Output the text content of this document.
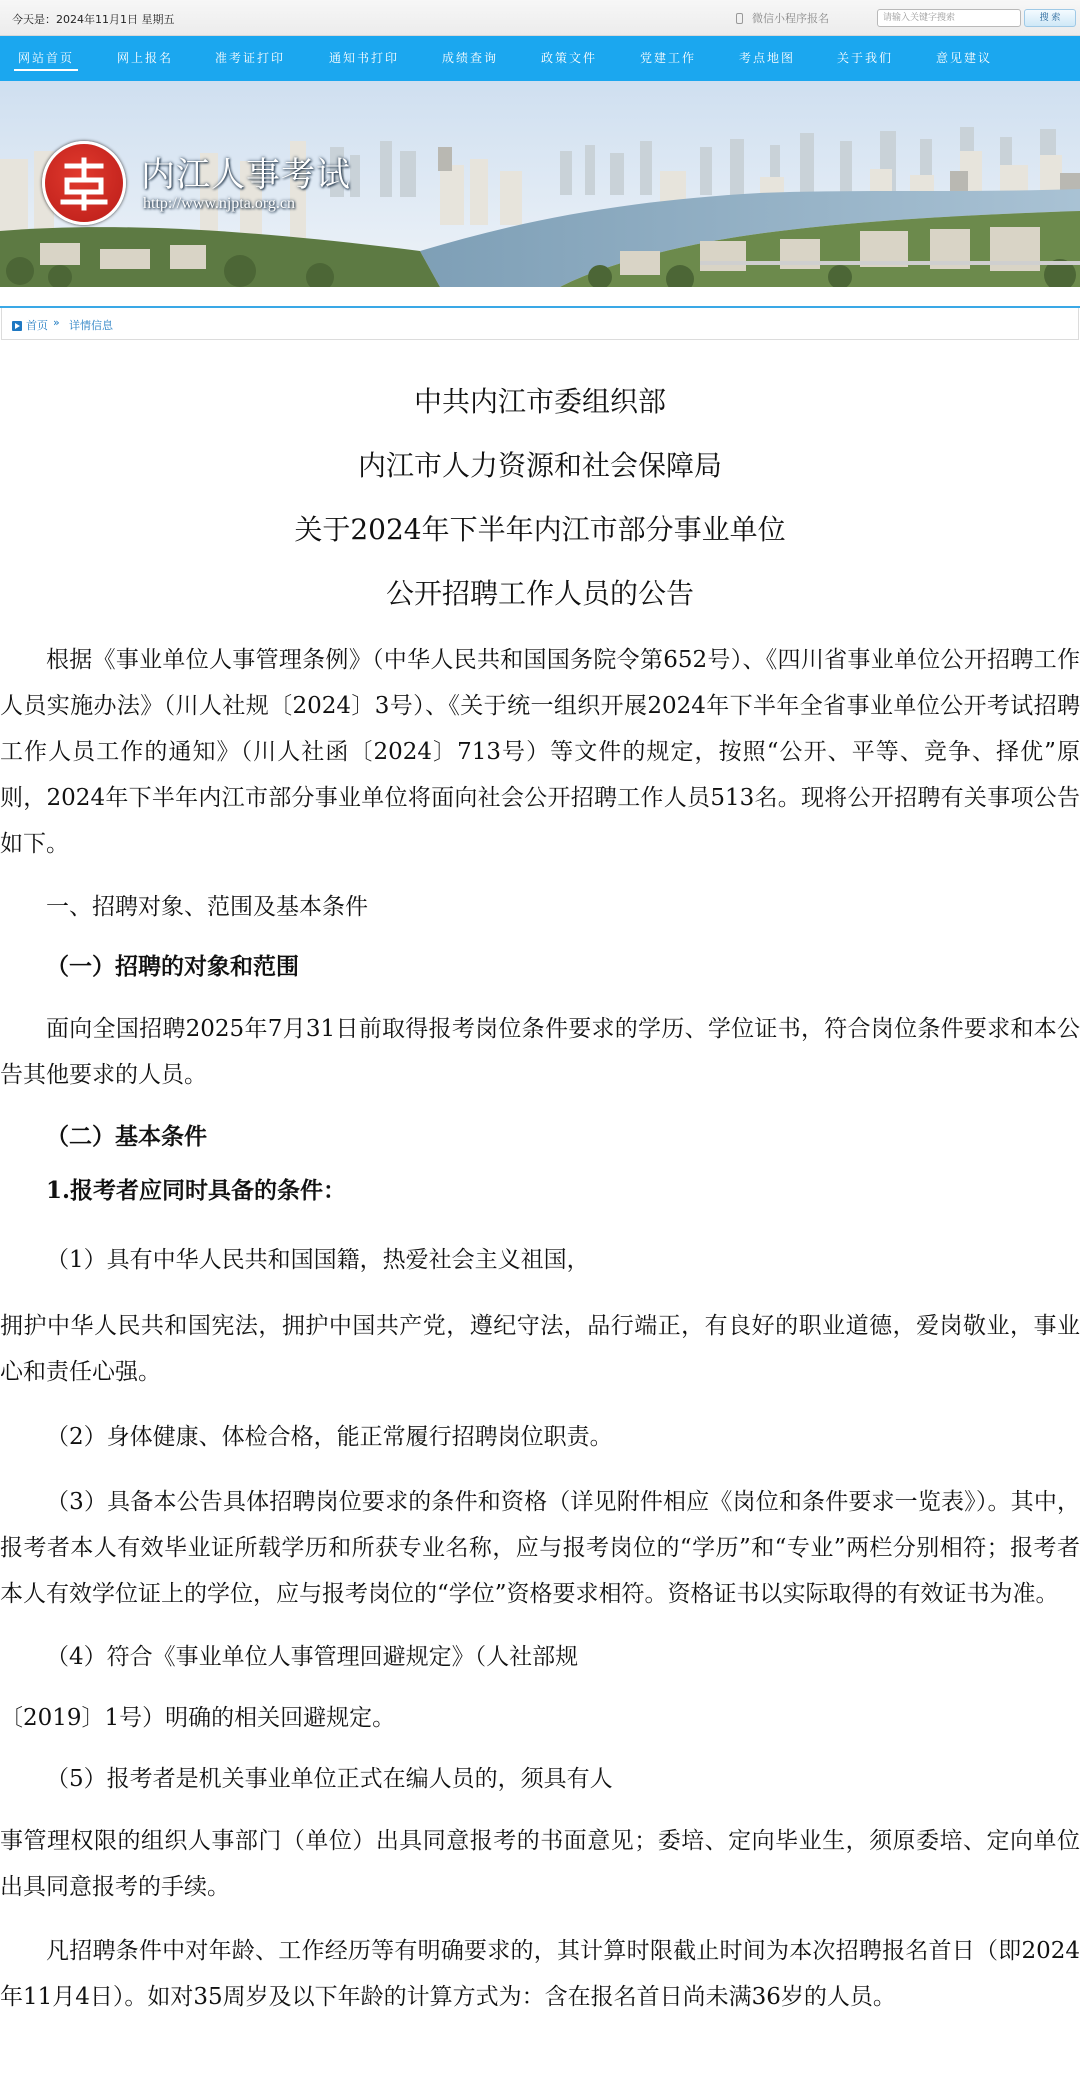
今天是：2024年11月1日 星期五	微信小程序报名
请输入关键字搜索	搜 索
网站首页	网上报名	准考证打印	通知书打印	成绩查询	政策文件	党建工作	考点地图	关于我们	意见建议
内江人事考试
http://www.njpta.org.cn
首页 » 详情信息
中共内江市委组织部
内江市人力资源和社会保障局
关于2024年下半年内江市部分事业单位
公开招聘工作人员的公告
根据《事业单位人事管理条例》（中华人民共和国国务院令第652号）、《四川省事业单位公开招聘工作人员实施办法》（川人社规〔2024〕3号）、《关于统一组织开展2024年下半年全省事业单位公开考试招聘工作人员工作的通知》（川人社函〔2024〕713号）等文件的规定，按照“公开、平等、竞争、择优”原则，2024年下半年内江市部分事业单位将面向社会公开招聘工作人员513名。现将公开招聘有关事项公告如下。
一、招聘对象、范围及基本条件
（一）招聘的对象和范围
面向全国招聘2025年7月31日前取得报考岗位条件要求的学历、学位证书，符合岗位条件要求和本公告其他要求的人员。
（二）基本条件
1.报考者应同时具备的条件：
（1）具有中华人民共和国国籍，热爱社会主义祖国，
拥护中华人民共和国宪法，拥护中国共产党，遵纪守法，品行端正，有良好的职业道德，爱岗敬业，事业心和责任心强。
（2）身体健康、体检合格，能正常履行招聘岗位职责。
（3）具备本公告具体招聘岗位要求的条件和资格（详见附件相应《岗位和条件要求一览表》）。其中，报考者本人有效毕业证所载学历和所获专业名称，应与报考岗位的“学历”和“专业”两栏分别相符；报考者本人有效学位证上的学位，应与报考岗位的“学位”资格要求相符。资格证书以实际取得的有效证书为准。
（4）符合《事业单位人事管理回避规定》（人社部规
〔2019〕1号）明确的相关回避规定。
（5）报考者是机关事业单位正式在编人员的，须具有人
事管理权限的组织人事部门（单位）出具同意报考的书面意见；委培、定向毕业生，须原委培、定向单位出具同意报考的手续。
凡招聘条件中对年龄、工作经历等有明确要求的，其计算时限截止时间为本次招聘报名首日（即2024年11月4日）。如对35周岁及以下年龄的计算方式为：含在报名首日尚未满36岁的人员。
